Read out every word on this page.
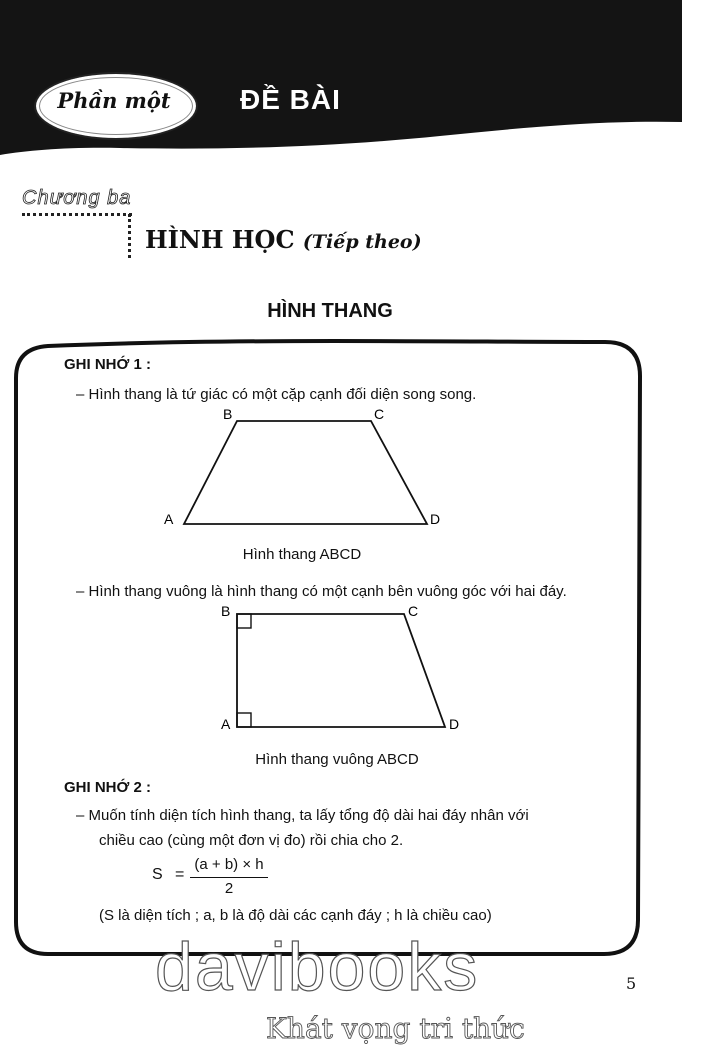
Phần một	ĐỀ BÀI
Chương ba
HÌNH HỌC (Tiếp theo)
HÌNH THANG
GHI NHỚ 1 :
– Hình thang là tứ giác có một cặp cạnh đối diện song song.
B	C
A	D
Hình thang ABCD
– Hình thang vuông là hình thang có một cạnh bên vuông góc với hai đáy.
B	C
A	D
Hình thang vuông ABCD
GHI NHỚ 2 :
– Muốn tính diện tích hình thang, ta lấy tổng độ dài hai đáy nhân với
chiều cao (cùng một đơn vị đo) rồi chia cho 2.
S =
(a + b) × h
2
(S là diện tích ; a, b là độ dài các cạnh đáy ; h là chiều cao)
5
davibooks
Khát vọng tri thức
